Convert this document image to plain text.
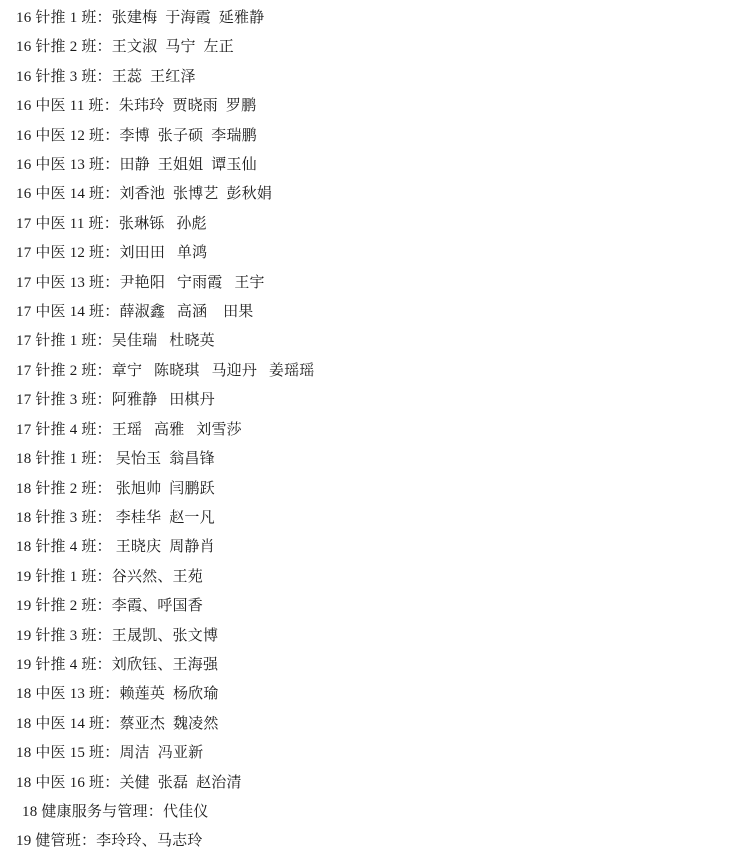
16 针推 1 班：张建梅  于海霞  延雅静
16 针推 2 班：王文淑  马宁  左正
16 针推 3 班：王蕊  王红泽
16 中医 11 班：朱玮玲  贾晓雨  罗鹏
16 中医 12 班：李博  张子硕  李瑞鹏
16 中医 13 班：田静  王姐姐  谭玉仙
16 中医 14 班：刘香池  张博艺  彭秋娟
17 中医 11 班：张琳铄   孙彪
17 中医 12 班：刘田田   单鸿
17 中医 13 班：尹艳阳   宁雨霞   王宇
17 中医 14 班：薛淑鑫   高涵    田果
17 针推 1 班：吴佳瑞   杜晓英
17 针推 2 班：章宁   陈晓琪   马迎丹   姜瑶瑶
17 针推 3 班：阿雅静   田棋丹
17 针推 4 班：王瑶   高雅   刘雪莎
18 针推 1 班： 吴怡玉  翁昌锋
18 针推 2 班： 张旭帅  闫鹏跃
18 针推 3 班： 李桂华  赵一凡
18 针推 4 班： 王晓庆  周静肖
19 针推 1 班：谷兴然、王苑
19 针推 2 班：李霞、呼国香
19 针推 3 班：王晟凯、张文博
19 针推 4 班：刘欣钰、王海强
18 中医 13 班：赖莲英  杨欣瑜
18 中医 14 班：蔡亚杰  魏凌然
18 中医 15 班：周洁  冯亚新
18 中医 16 班：关健  张磊  赵治清
18 健康服务与管理：代佳仪
19 健管班：李玲玲、马志玲
